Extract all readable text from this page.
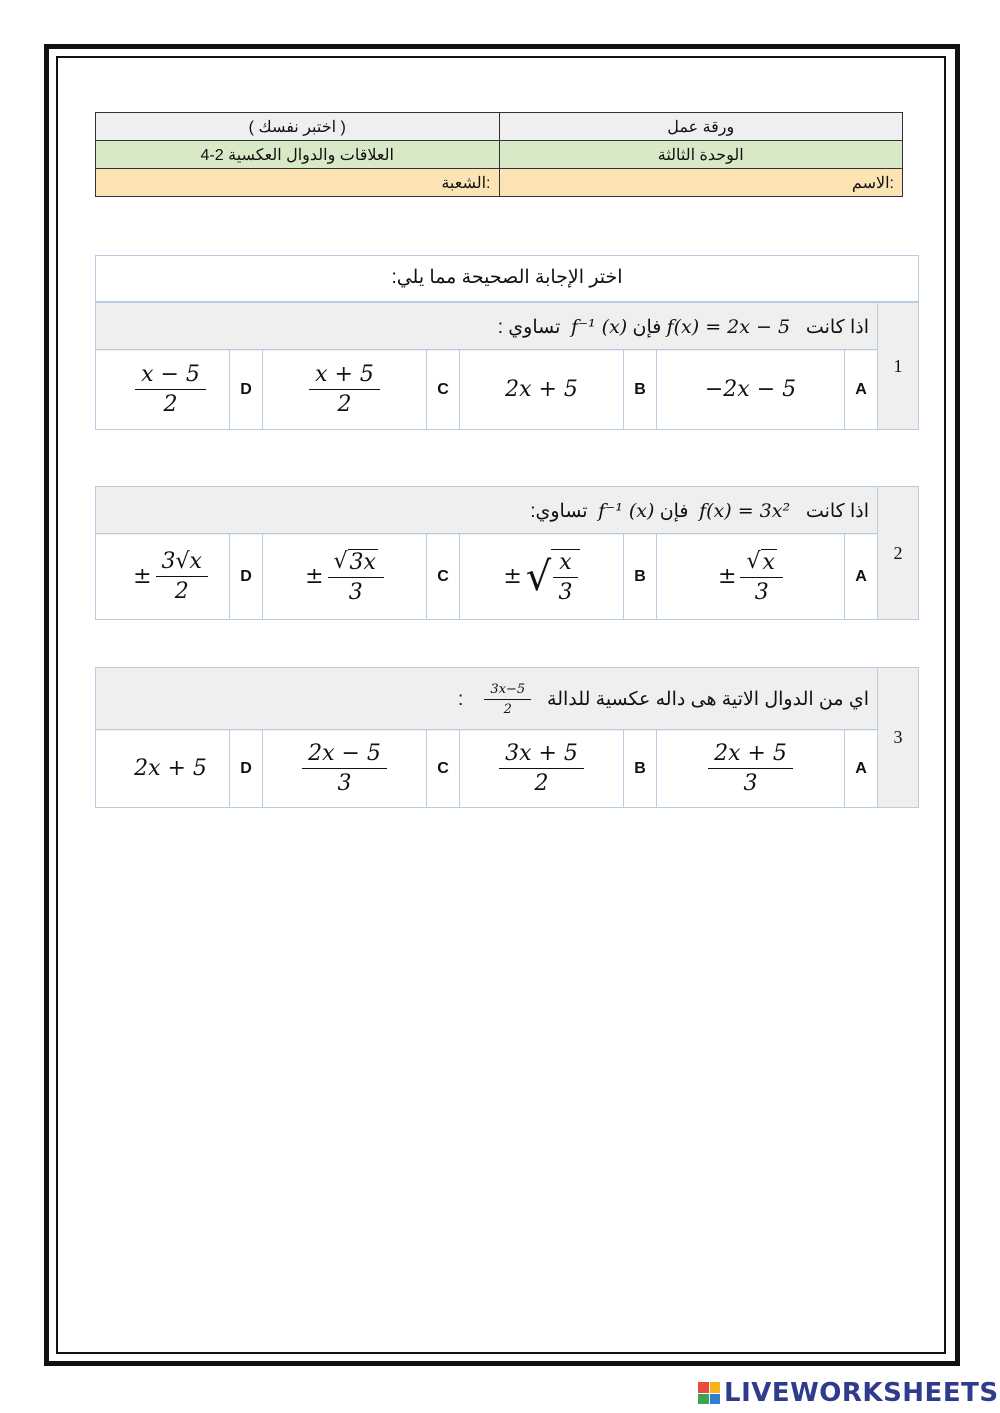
( اختبر نفسك )	ورقة عمل
4-2 العلاقات والدوال العكسية	الوحدة الثالثة
الشعبة:	الاسم:
اختر الإجابة الصحيحة مما يلي:
1
اذا كانت

f(x) = 2x − 5

فإن

f⁻¹ (x)

تساوي :
A
−2x − 5
B
2x + 5
C
$\frac{x + 5}{2}$
D
$\frac{x - 5}{2}$
2
اذا كانت

f(x) = 3x²

فإن

f⁻¹ (x)

تساوي:
A
± $\frac{√ x}{3}$
B
± √ $\frac{x}{3}$
C
± $\frac{√ 3x}{3}$
D
± $\frac{3√x}{2}$
3
اي من الدوال الاتية هى داله عكسية للدالة

$\frac{3x-5}{2}$

:
A
$\frac{2x + 5}{3}$
B
$\frac{3x + 5}{2}$
C
$\frac{2x - 5}{3}$
D
2x + 5
LIVEWORKSHEETS
